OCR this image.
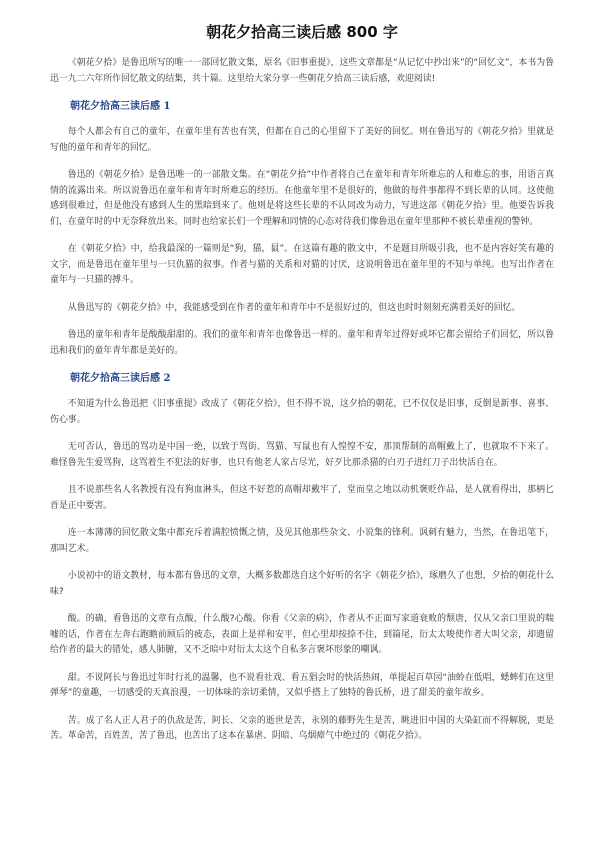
朝花夕拾高三读后感 800 字

《朝花夕拾》是鲁迅所写的唯一一部回忆散文集，原名《旧事重提》，这些文章都是“从记忆中抄出来”的“回忆文”，本书为鲁迅一九二六年所作回忆散文的结集，共十篇。这里给大家分享一些朝花夕拾高三读后感，欢迎阅读!

朝花夕拾高三读后感 1

每个人都会有自己的童年，在童年里有苦也有笑，但都在自己的心里留下了美好的回忆。则在鲁迅写的《朝花夕拾》里就是写他的童年和青年的回忆。

鲁迅的《朝花夕拾》是鲁迅唯一的一部散文集。在“朝花夕拾”中作者将自己在童年和青年所难忘的人和难忘的事，用语言真情的流露出来。所以说鲁迅在童年和青年时所难忘的经历。在他童年里不是很好的，他做的每件事都得不到长辈的认同。这使他感到很难过，但是他没有感到人生的黑暗到来了。他则是将这些长辈的不认同改为动力，写进这部《朝花夕拾》里。他要告诉我们，在童年时的中无奈释放出来。同时也给家长们一个理解和同情的心态对待我们像鲁迅在童年里那种不被长辈重视的警钟。

在《朝花夕拾》中，给我最深的一篇则是“狗，猫，鼠”。在这篇有趣的散文中，不是题目所吸引我，也不是内容好笑有趣的文字，而是鲁迅在童年里与一只仇猫的叙事。作者与猫的关系和对猫的讨厌，这说明鲁迅在童年里的不知与单纯。也写出作者在童年与一只猫的搏斗。

从鲁迅写的《朝花夕拾》中，我能感受到在作者的童年和青年中不是很好过的，但这也时时刻刻充满着美好的回忆。

鲁迅的童年和青年是酸酸甜甜的。我们的童年和青年也像鲁迅一样的。童年和青年过得好或坏它都会留给子们回忆，所以鲁迅和我们的童年青年都是美好的。

朝花夕拾高三读后感 2

不知道为什么鲁迅把《旧事重提》改成了《朝花夕拾》，但不得不说，这夕拾的朝花，已不仅仅是旧事，反倒是新事、喜事、伤心事。

无可否认，鲁迅的骂功是中国一绝，以致于骂街、骂猫、写鼠也有人惶惶不安，那顶帮制的高帽戴上了，也就取不下来了。难怪鲁先生爱骂狗，这骂着生不犯法的好事，也只有他老人家占尽光，好歹比那杀猫的白刃子进红刀子出快活自在。

且不说那些名人名教授有没有狗血淋头，但这不好惹的高帽却戴牢了，堂而皇之地以动机褒贬作品，是人就看得出，那柄匕首是正中要害。

连一本薄薄的回忆散文集中都充斥着满腔愤慨之情，及见其他那些杂文、小说集的锋利。讽刺有魅力，当然，在鲁迅笔下，那叫艺术。

小说初中的语文教材，每本都有鲁迅的文章，大概多数都选自这个好听的名字《朝花夕拾》，琢磨久了也想，夕拾的朝花什么味?

酸。的确，看鲁迅的文章有点酸，什么酸?心酸。你看《父亲的病》，作者从不正面写家道衰败的颓唐，仅从父亲口里说的喘嘘的话，作者在左奔右跑瞻前顾后的疲态，表面上是祥和安平，但心里却按捺不住，到篇尾，衍太太唆使作者大叫父亲，却遗留给作者的最大的错处，感人肺腑，又不乏暗中对衍太太这个自私多言褒坏形象的嘲讽。

甜。不说阿长与鲁迅过年时行礼的温馨，也不说看社戏、看五猖会时的快活热闹，单提起百草园“油蛉在低唱，蟋蟀们在这里弹琴”的童趣，一切感受的天真浪漫，一切体味的亲切柔情，又似乎搭上了独特的鲁氏桥，进了甜美的童年故乡。

苦。成了名人正人君子的仇敌是苦，阿长、父亲的逝世是苦，永别的藤野先生是苦，眺进旧中国的大染缸而不得解脱，更是苦。革命苦，百姓苦，苦了鲁迅，也苦出了这本在暴虐、阴暗、乌烟瘴气中绝过的《朝花夕拾》。
